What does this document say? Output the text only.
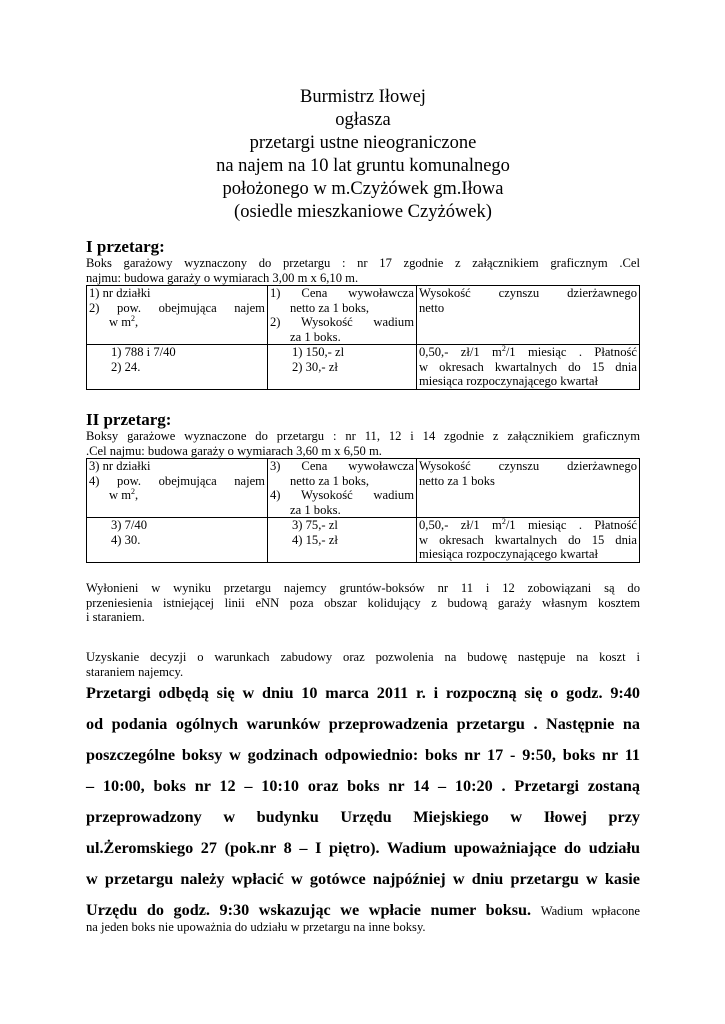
Burmistrz Iłowej
ogłasza
przetargi ustne nieograniczone
na najem na 10 lat gruntu komunalnego
położonego w m.Czyżówek gm.Iłowa
(osiedle mieszkaniowe Czyżówek)
I przetarg:
Boks garażowy wyznaczony do przetargu : nr 17 zgodnie z załącznikiem graficznym .Cel
najmu: budowa garaży o wymiarach 3,00 m x 6,10 m.
1) nr działki
2) pow. obejmująca najem
w $m^2$,	1) Cena wywoławcza
netto za 1 boks,
2) Wysokość wadium
za 1 boks.	Wysokość czynszu dzierżawnego
netto

1) 788 i 7/40
2) 24.	1) 150,- zl
2) 30,- zł	0,50,- zł/1 $m^2/1$ miesiąc . Płatność
w okresach kwartalnych do 15 dnia
miesiąca rozpoczynającego kwartał
II przetarg:
Boksy garażowe wyznaczone do przetargu : nr 11, 12 i 14 zgodnie z załącznikiem graficznym
.Cel najmu: budowa garaży o wymiarach 3,60 m x 6,50 m.
3) nr działki
4) pow. obejmująca najem
w $m^2$,	3) Cena wywoławcza
netto za 1 boks,
4) Wysokość wadium
za 1 boks.	Wysokość czynszu dzierżawnego
netto za 1 boks

3) 7/40
4) 30.	3) 75,- zl
4) 15,- zł	0,50,- zł/1 $m^2/1$ miesiąc . Płatność
w okresach kwartalnych do 15 dnia
miesiąca rozpoczynającego kwartał
Wyłonieni w wyniku przetargu najemcy gruntów-boksów nr 11 i 12 zobowiązani są do
przeniesienia istniejącej linii eNN poza obszar kolidujący z budową garaży własnym kosztem
i staraniem.
Uzyskanie decyzji o warunkach zabudowy oraz pozwolenia na budowę następuje na koszt i
staraniem najemcy.
Przetargi odbędą się w dniu 10 marca 2011 r. i rozpoczną się o godz. 9:40
od podania ogólnych warunków przeprowadzenia przetargu . Następnie na
poszczególne boksy w godzinach odpowiednio: boks nr 17 - 9:50, boks nr 11
– 10:00, boks nr 12 – 10:10 oraz boks nr 14 – 10:20 . Przetargi zostaną
przeprowadzony w budynku Urzędu Miejskiego w Iłowej przy
ul.Żeromskiego 27 (pok.nr 8 – I piętro). Wadium upoważniające do udziału
w przetargu należy wpłacić w gotówce najpóźniej w dniu przetargu w kasie
Urzędu do godz. 9:30 wskazując we wpłacie numer boksu. Wadium wpłacone
na jeden boks nie upoważnia do udziału w przetargu na inne boksy.
